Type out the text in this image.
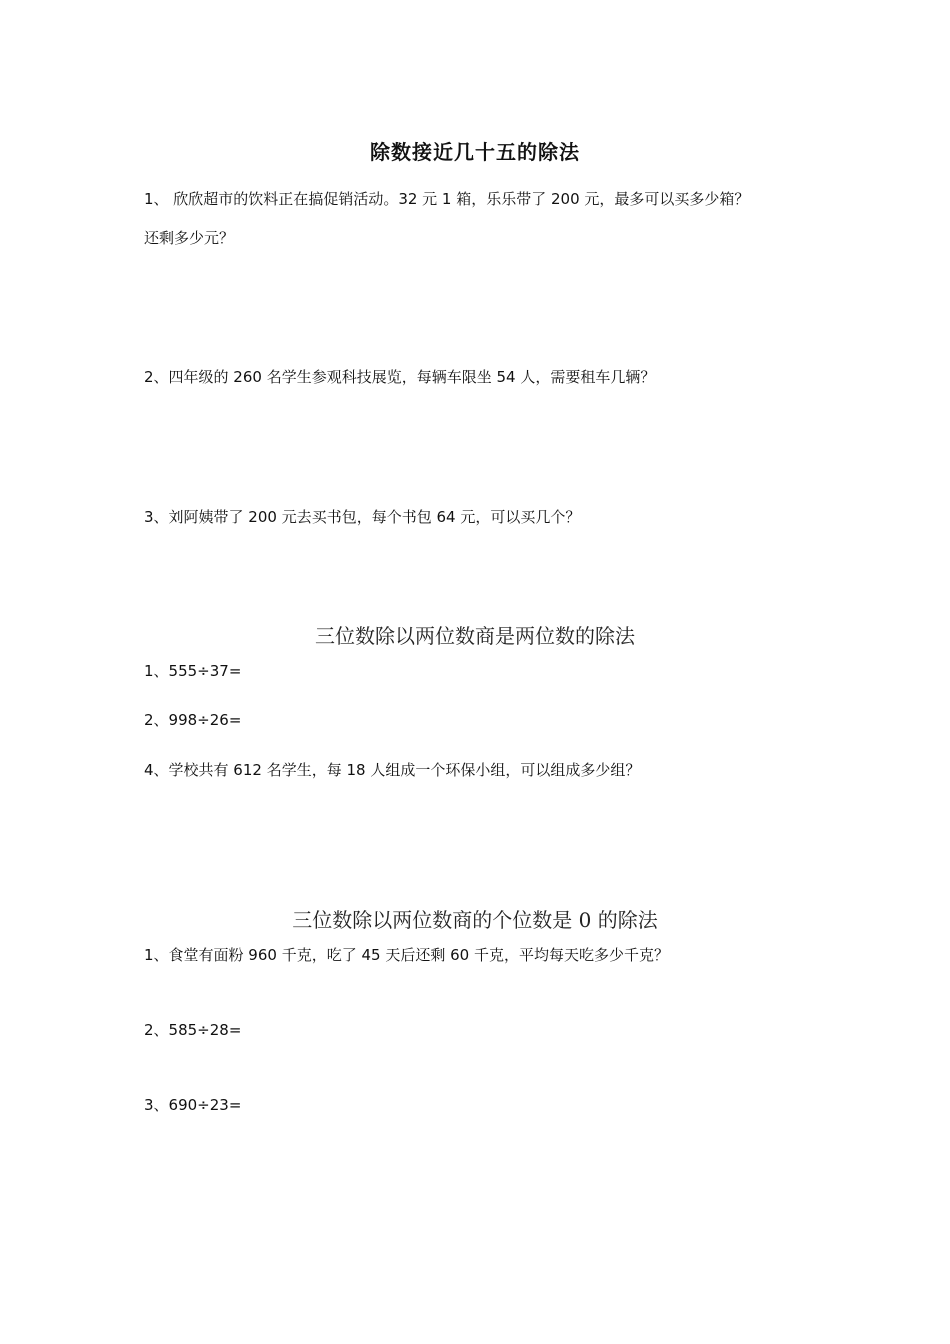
除数接近几十五的除法
1、 欣欣超市的饮料正在搞促销活动。32 元 1 箱，乐乐带了 200 元，最多可以买多少箱？
还剩多少元？
2、四年级的 260 名学生参观科技展览，每辆车限坐 54 人，需要租车几辆？
3、刘阿姨带了 200 元去买书包，每个书包 64 元，可以买几个？
三位数除以两位数商是两位数的除法
1、555÷37=
2、998÷26=
4、学校共有 612 名学生，每 18 人组成一个环保小组，可以组成多少组？
三位数除以两位数商的个位数是 0 的除法
1、食堂有面粉 960 千克，吃了 45 天后还剩 60 千克，平均每天吃多少千克？
2、585÷28=
3、690÷23=
